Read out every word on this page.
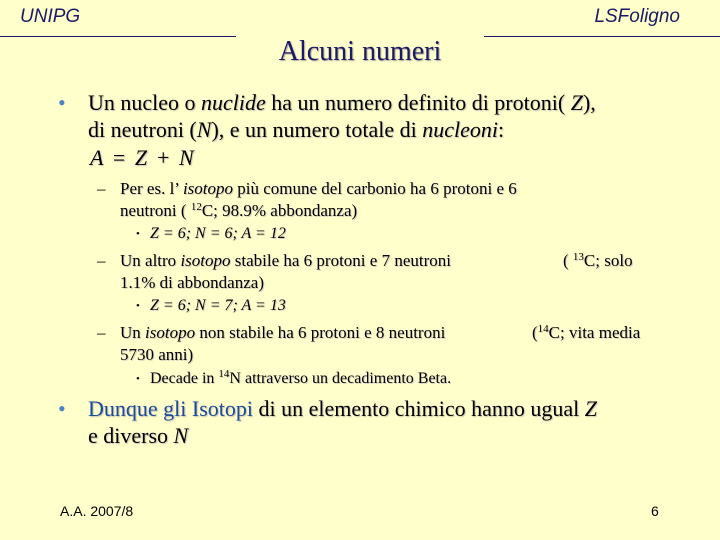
UNIPG	LSFoligno
Alcuni numeri
• Un nucleo o nuclide ha un numero definito di protoni( Z),
di neutroni (N), e un numero totale di nucleoni:
A = Z + N
– Per es. l’ isotopo più comune del carbonio ha 6 protoni e 6
neutroni ( $^{12}$C; 98.9% abbondanza)
• Z = 6; N = 6; A = 12
– Un altro isotopo stabile ha 6 protoni e 7 neutroni	( $^{13}$C; solo
1.1% di abbondanza)
• Z = 6; N = 7; A = 13
– Un isotopo non stabile ha 6 protoni e 8 neutroni	($^{14}$C; vita media
5730 anni)
• Decade in $^{14}$N attraverso un decadimento Beta.
• Dunque gli Isotopi di un elemento chimico hanno ugual Z
e diverso N
A.A. 2007/8	6
